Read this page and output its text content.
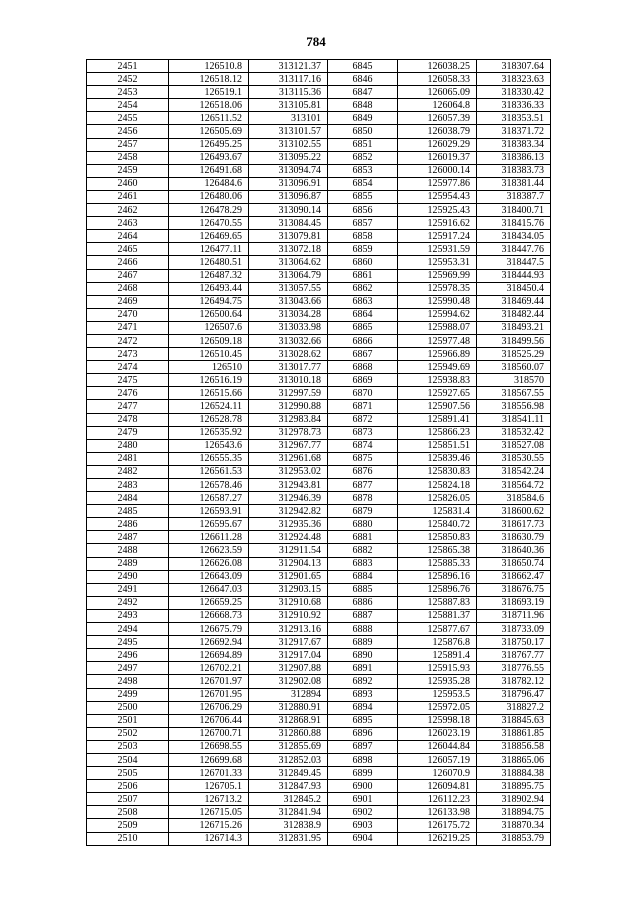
784
2451	126510.8	313121.37	6845	126038.25	318307.64
2452	126518.12	313117.16	6846	126058.33	318323.63
2453	126519.1	313115.36	6847	126065.09	318330.42
2454	126518.06	313105.81	6848	126064.8	318336.33
2455	126511.52	313101	6849	126057.39	318353.51
2456	126505.69	313101.57	6850	126038.79	318371.72
2457	126495.25	313102.55	6851	126029.29	318383.34
2458	126493.67	313095.22	6852	126019.37	318386.13
2459	126491.68	313094.74	6853	126000.14	318383.73
2460	126484.6	313096.91	6854	125977.86	318381.44
2461	126480.06	313096.87	6855	125954.43	318387.7
2462	126478.29	313090.14	6856	125925.43	318400.71
2463	126470.55	313084.45	6857	125916.62	318415.76
2464	126469.65	313079.81	6858	125917.24	318434.05
2465	126477.11	313072.18	6859	125931.59	318447.76
2466	126480.51	313064.62	6860	125953.31	318447.5
2467	126487.32	313064.79	6861	125969.99	318444.93
2468	126493.44	313057.55	6862	125978.35	318450.4
2469	126494.75	313043.66	6863	125990.48	318469.44
2470	126500.64	313034.28	6864	125994.62	318482.44
2471	126507.6	313033.98	6865	125988.07	318493.21
2472	126509.18	313032.66	6866	125977.48	318499.56
2473	126510.45	313028.62	6867	125966.89	318525.29
2474	126510	313017.77	6868	125949.69	318560.07
2475	126516.19	313010.18	6869	125938.83	318570
2476	126515.66	312997.59	6870	125927.65	318567.55
2477	126524.11	312990.88	6871	125907.56	318556.98
2478	126528.78	312983.84	6872	125891.41	318541.11
2479	126535.92	312978.73	6873	125866.23	318532.42
2480	126543.6	312967.77	6874	125851.51	318527.08
2481	126555.35	312961.68	6875	125839.46	318530.55
2482	126561.53	312953.02	6876	125830.83	318542.24
2483	126578.46	312943.81	6877	125824.18	318564.72
2484	126587.27	312946.39	6878	125826.05	318584.6
2485	126593.91	312942.82	6879	125831.4	318600.62
2486	126595.67	312935.36	6880	125840.72	318617.73
2487	126611.28	312924.48	6881	125850.83	318630.79
2488	126623.59	312911.54	6882	125865.38	318640.36
2489	126626.08	312904.13	6883	125885.33	318650.74
2490	126643.09	312901.65	6884	125896.16	318662.47
2491	126647.03	312903.15	6885	125896.76	318676.75
2492	126659.25	312910.68	6886	125887.83	318693.19
2493	126668.73	312910.92	6887	125881.37	318711.96
2494	126675.79	312913.16	6888	125877.67	318733.09
2495	126692.94	312917.67	6889	125876.8	318750.17
2496	126694.89	312917.04	6890	125891.4	318767.77
2497	126702.21	312907.88	6891	125915.93	318776.55
2498	126701.97	312902.08	6892	125935.28	318782.12
2499	126701.95	312894	6893	125953.5	318796.47
2500	126706.29	312880.91	6894	125972.05	318827.2
2501	126706.44	312868.91	6895	125998.18	318845.63
2502	126700.71	312860.88	6896	126023.19	318861.85
2503	126698.55	312855.69	6897	126044.84	318856.58
2504	126699.68	312852.03	6898	126057.19	318865.06
2505	126701.33	312849.45	6899	126070.9	318884.38
2506	126705.1	312847.93	6900	126094.81	318895.75
2507	126713.2	312845.2	6901	126112.23	318902.94
2508	126715.05	312841.94	6902	126133.98	318894.75
2509	126715.26	312838.9	6903	126175.72	318870.34
2510	126714.3	312831.95	6904	126219.25	318853.79
